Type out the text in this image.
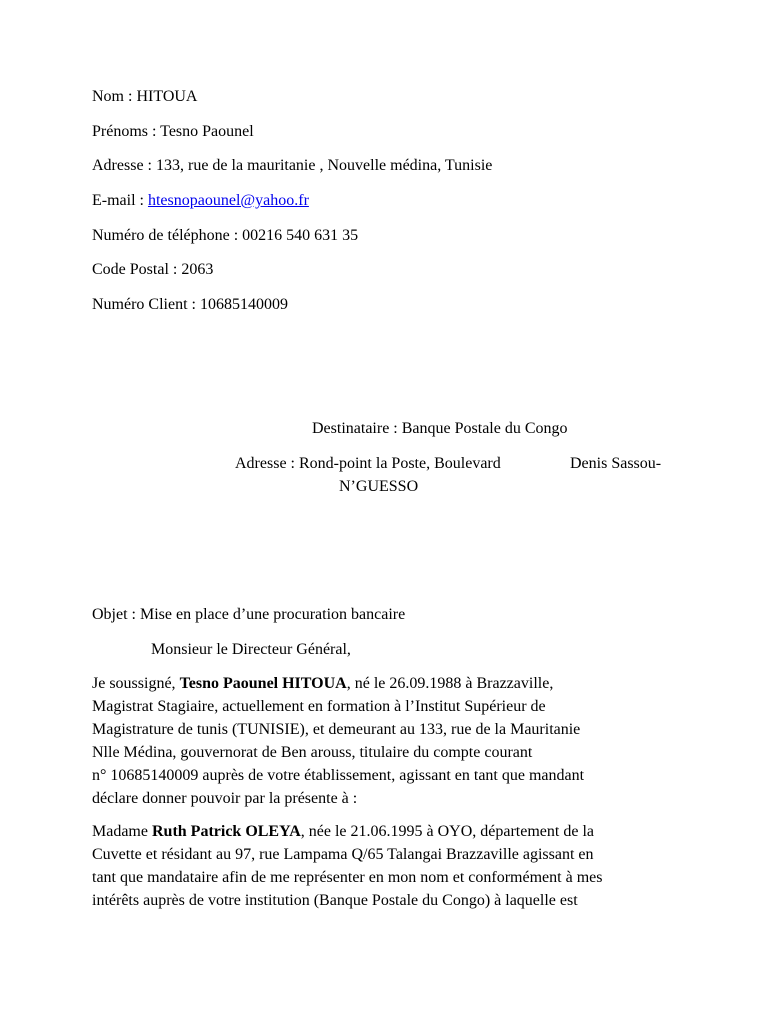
Nom : HITOUA
Prénoms : Tesno Paounel
Adresse : 133, rue de la mauritanie , Nouvelle médina, Tunisie
E-mail : htesnopaounel@yahoo.fr
Numéro de téléphone : 00216 540 631 35
Code Postal : 2063
Numéro Client : 10685140009
Destinataire : Banque Postale du Congo
Adresse : Rond-point la Poste, Boulevard	Denis Sassou-
N’GUESSO
Objet : Mise en place d’une procuration bancaire
Monsieur le Directeur Général,
Je soussigné, Tesno Paounel HITOUA, né le 26.09.1988 à Brazzaville,
Magistrat Stagiaire, actuellement en formation à l’Institut Supérieur de
Magistrature de tunis (TUNISIE), et demeurant au 133, rue de la Mauritanie
Nlle Médina, gouvernorat de Ben arouss, titulaire du compte courant
n° 10685140009 auprès de votre établissement, agissant en tant que mandant
déclare donner pouvoir par la présente à :
Madame Ruth Patrick OLEYA, née le 21.06.1995 à OYO, département de la
Cuvette et résidant au 97, rue Lampama Q/65 Talangai Brazzaville agissant en
tant que mandataire afin de me représenter en mon nom et conformément à mes
intérêts auprès de votre institution (Banque Postale du Congo) à laquelle est
